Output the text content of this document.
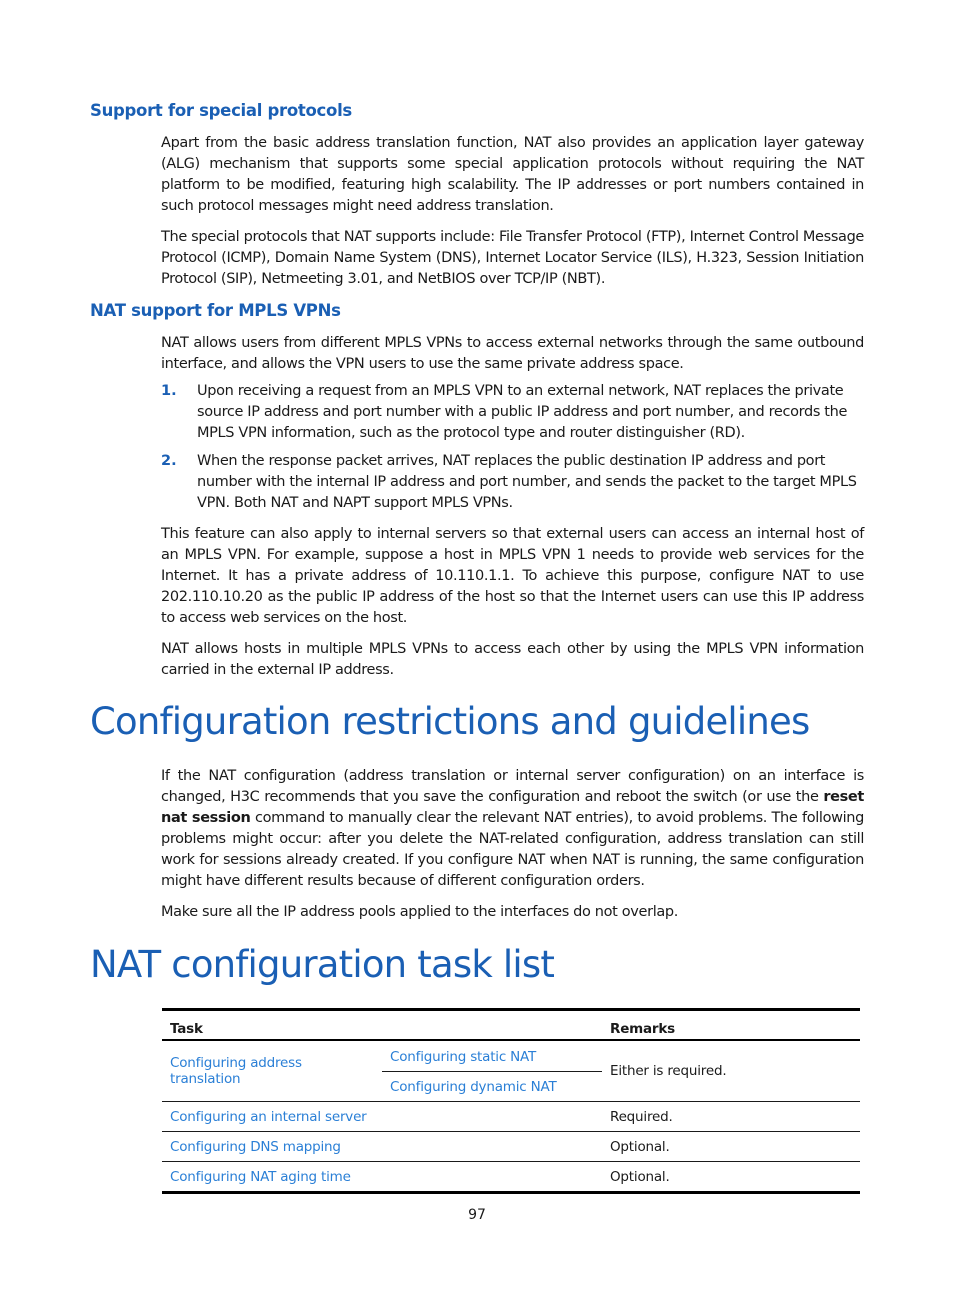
Support for special protocols
Apart from the basic address translation function, NAT also provides an application layer gateway (ALG) mechanism that supports some special application protocols without requiring the NAT platform to be modified, featuring high scalability. The IP addresses or port numbers contained in such protocol messages might need address translation.
The special protocols that NAT supports include: File Transfer Protocol (FTP), Internet Control Message Protocol (ICMP), Domain Name System (DNS), Internet Locator Service (ILS), H.323, Session Initiation Protocol (SIP), Netmeeting 3.01, and NetBIOS over TCP/IP (NBT).
NAT support for MPLS VPNs
NAT allows users from different MPLS VPNs to access external networks through the same outbound interface, and allows the VPN users to use the same private address space.
1. Upon receiving a request from an MPLS VPN to an external network, NAT replaces the private source IP address and port number with a public IP address and port number, and records the MPLS VPN information, such as the protocol type and router distinguisher (RD).
2. When the response packet arrives, NAT replaces the public destination IP address and port number with the internal IP address and port number, and sends the packet to the target MPLS VPN. Both NAT and NAPT support MPLS VPNs.
This feature can also apply to internal servers so that external users can access an internal host of an MPLS VPN. For example, suppose a host in MPLS VPN 1 needs to provide web services for the Internet. It has a private address of 10.110.1.1. To achieve this purpose, configure NAT to use 202.110.10.20 as the public IP address of the host so that the Internet users can use this IP address to access web services on the host.
NAT allows hosts in multiple MPLS VPNs to access each other by using the MPLS VPN information carried in the external IP address.
Configuration restrictions and guidelines
If the NAT configuration (address translation or internal server configuration) on an interface is changed, H3C recommends that you save the configuration and reboot the switch (or use the reset nat session command to manually clear the relevant NAT entries), to avoid problems. The following problems might occur: after you delete the NAT-related configuration, address translation can still work for sessions already created. If you configure NAT when NAT is running, the same configuration might have different results because of different configuration orders.
Make sure all the IP address pools applied to the interfaces do not overlap.
NAT configuration task list
Task		Remarks
Configuring address translation	Configuring static NAT	Either is required.
	Configuring dynamic NAT	
Configuring an internal server		Required.
Configuring DNS mapping		Optional.
Configuring NAT aging time		Optional.
97
